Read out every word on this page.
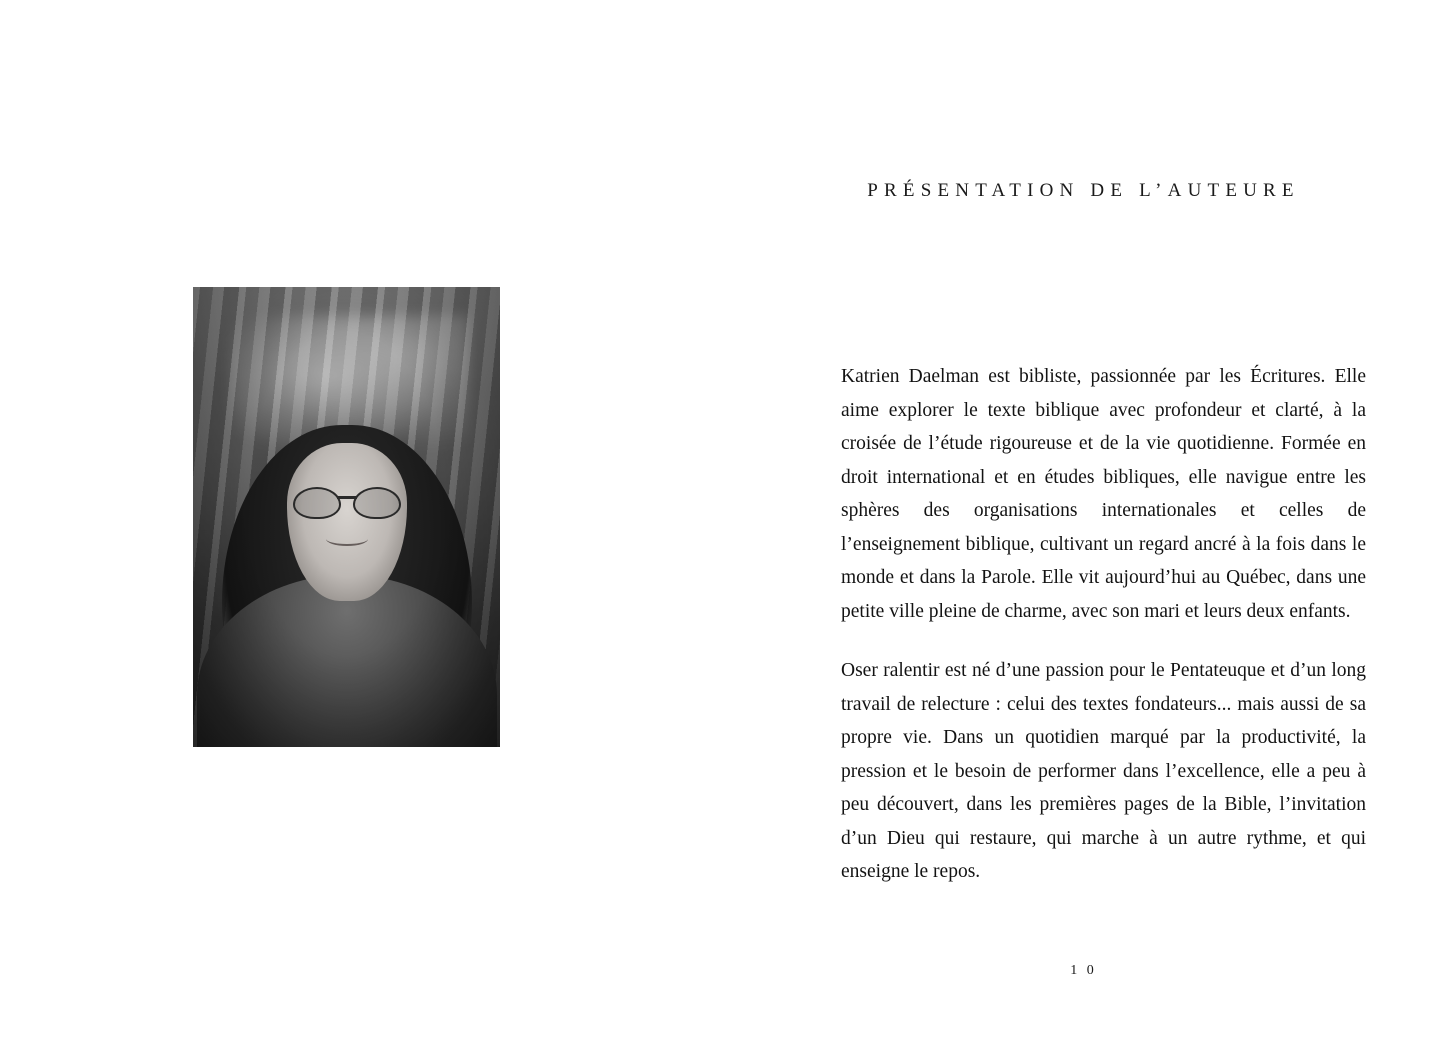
PRÉSENTATION DE L’AUTEURE

Katrien Daelman est bibliste, passionnée par les Écritures. Elle aime explorer le texte biblique avec profondeur et clarté, à la croisée de l’étude rigoureuse et de la vie quotidienne. Formée en droit international et en études bibliques, elle navigue entre les sphères des organisations internationales et celles de l’enseignement biblique, cultivant un regard ancré à la fois dans le monde et dans la Parole. Elle vit aujourd’hui au Québec, dans une petite ville pleine de charme, avec son mari et leurs deux enfants.

Oser ralentir est né d’une passion pour le Pentateuque et d’un long travail de relecture : celui des textes fondateurs... mais aussi de sa propre vie. Dans un quotidien marqué par la productivité, la pression et le besoin de performer dans l’excellence, elle a peu à peu découvert, dans les premières pages de la Bible, l’invitation d’un Dieu qui restaure, qui marche à un autre rythme, et qui enseigne le repos.

1 0
